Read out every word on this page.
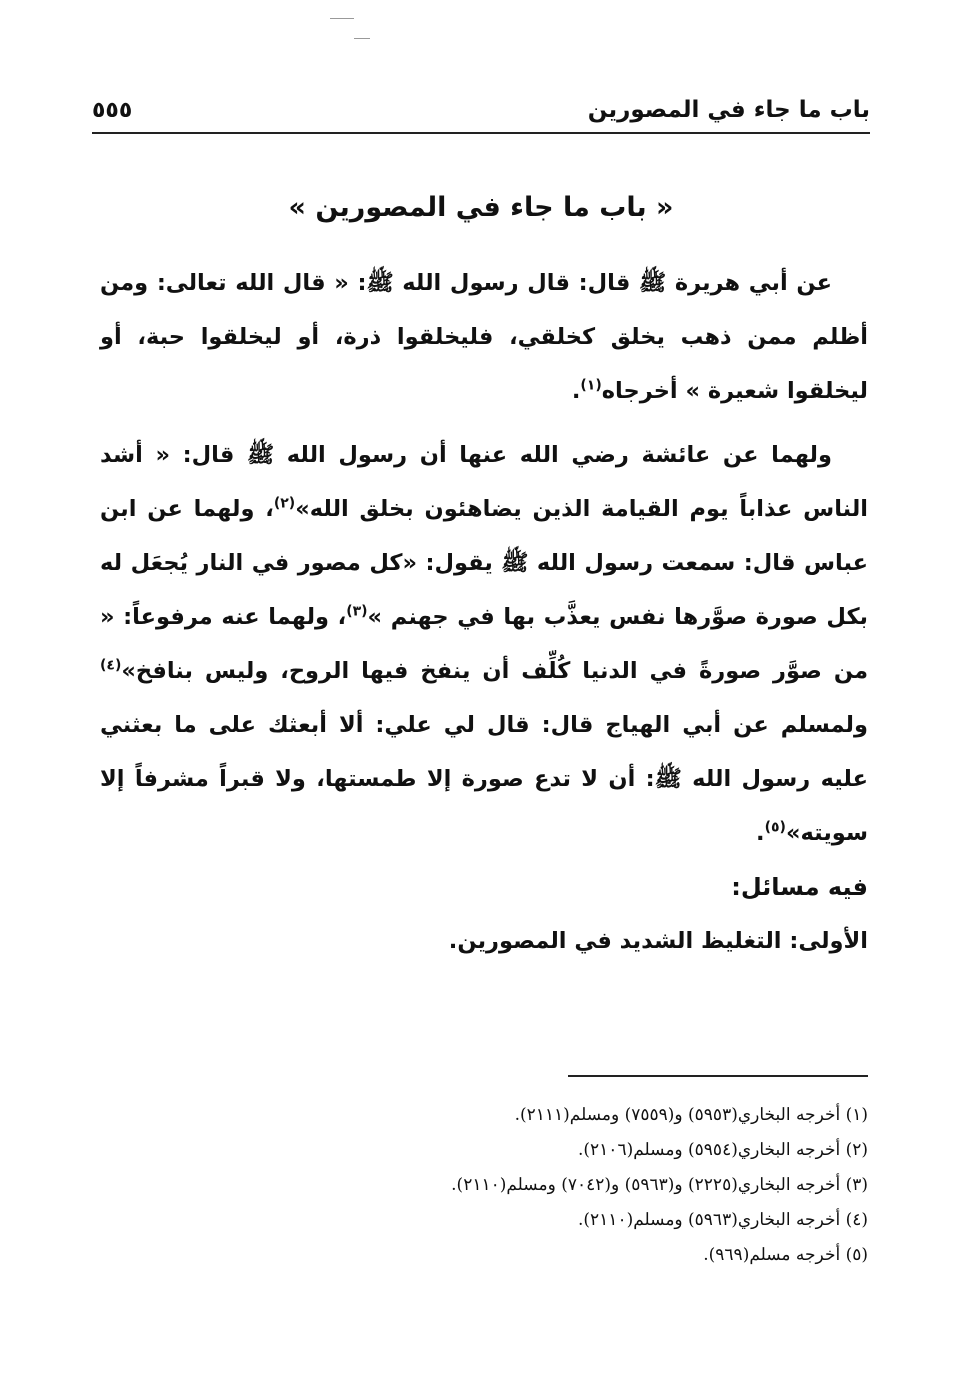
باب ما جاء في المصورين
٥٥٥
« باب ما جاء في المصورين »

عن أبي هريرة ﷺ قال: قال رسول الله ﷺ: « قال الله تعالى: ومن أظلم ممن ذهب يخلق كخلقي، فليخلقوا ذرة، أو ليخلقوا حبة، أو ليخلقوا شعيرة » أخرجاه$^{(١)}$.

ولهما عن عائشة رضي الله عنها أن رسول الله ﷺ قال: « أشد الناس عذاباً يوم القيامة الذين يضاهئون بخلق الله»$^{(٢)}$، ولهما عن ابن عباس قال: سمعت رسول الله ﷺ يقول: «كل مصور في النار يُجعَل له بكل صورة صوَّرها نفس يعذَّب بها في جهنم »$^{(٣)}$، ولهما عنه مرفوعاً: « من صوَّر صورةً في الدنيا كُلِّف أن ينفخ فيها الروح، وليس بنافخ»$^{(٤)}$ ولمسلم عن أبي الهياج قال: قال لي علي: ألا أبعثك على ما بعثني عليه رسول الله ﷺ: أن لا تدع صورة إلا طمستها، ولا قبراً مشرفاً إلا سويته»$^{(٥)}$.

فيه مسائل:

الأولى: التغليظ الشديد في المصورين.

(١) أخرجه البخاري(٥٩٥٣) و(٧٥٥٩) ومسلم(٢١١١).
(٢) أخرجه البخاري(٥٩٥٤) ومسلم(٢١٠٦).
(٣) أخرجه البخاري(٢٢٢٥) و(٥٩٦٣) و(٧٠٤٢) ومسلم(٢١١٠).
(٤) أخرجه البخاري(٥٩٦٣) ومسلم(٢١١٠).
(٥) أخرجه مسلم(٩٦٩).
